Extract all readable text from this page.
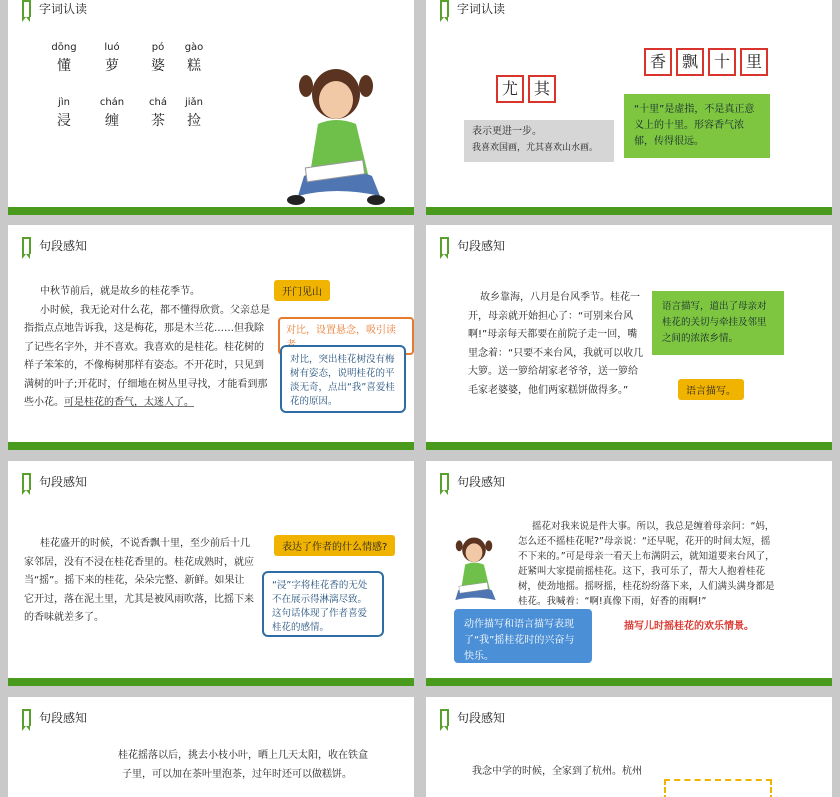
字词认读
dōng
懂
luó
萝
pó
婆
gào
糕
jìn
浸
chán
缠
chá
茶
jiǎn
捡
字词认读
尤 其
香 飘 十 里
表示更进一步。
我喜欢国画，尤其喜欢山水画。
“十里”是虚指，不是真正意义上的十里。形容香气浓郁，传得很远。
句段感知
中秋节前后，就是故乡的桂花季节。
小时候，我无论对什么花，都不懂得欣赏。父亲总是指指点点地告诉我，这是梅花，那是木兰花……但我除了记些名字外，并不喜欢。我喜欢的是桂花。桂花树的样子笨笨的，不像梅树那样有姿态。不开花时，只见到满树的叶子;开花时，仔细地在树丛里寻找，才能看到那些小花。可是桂花的香气，太迷人了。
开门见山
对比，设置悬念，吸引读
对比，突出桂花树没有梅树有姿态，说明桂花的平淡无奇，点出“我”喜爱桂花的原因。
句段感知
故乡靠海，八月是台风季节。桂花一开，母亲就开始担心了：“可别来台风啊!”母亲每天都要在前院子走一回，嘴里念着：“只要不来台风，我就可以收几大箩。送一箩给胡家老爷爷，送一箩给毛家老婆婆，他们两家糕饼做得多。”
语言描写，道出了母亲对桂花的关切与牵挂及邻里之间的浓浓乡情。
语言描写。
句段感知
桂花盛开的时候，不说香飘十里，至少前后十几家邻居，没有不浸在桂花香里的。桂花成熟时，就应当“摇”。摇下来的桂花，朵朵完整、新鲜。如果让它开过，落在泥土里，尤其是被风雨吹落，比摇下来的香味就差多了。
表达了作者的什么情感?
“浸”字将桂花香的无处不在展示得淋漓尽致。这句话体现了作者喜爱桂花的感情。
句段感知
摇花对我来说是件大事。所以，我总是缠着母亲问：“妈，怎么还不摇桂花呢?”母亲说：“还早呢，花开的时间太短，摇不下来的。”可是母亲一看天上布满阴云，就知道要来台风了，赶紧叫大家提前摇桂花。这下，我可乐了，帮大人抱着桂花树，使劲地摇。摇呀摇，桂花纷纷落下来，人们满头满身都是桂花。我喊着：“啊!真像下雨，好香的雨啊!”
动作描写和语言描写表现了“我”摇桂花时的兴奋与快乐。
描写儿时摇桂花的欢乐情景。
句段感知
桂花摇落以后，挑去小枝小叶，晒上几天太阳，收在铁盒子里，可以加在茶叶里泡茶，过年时还可以做糕饼。
句段感知
我念中学的时候，全家到了杭州。杭州
